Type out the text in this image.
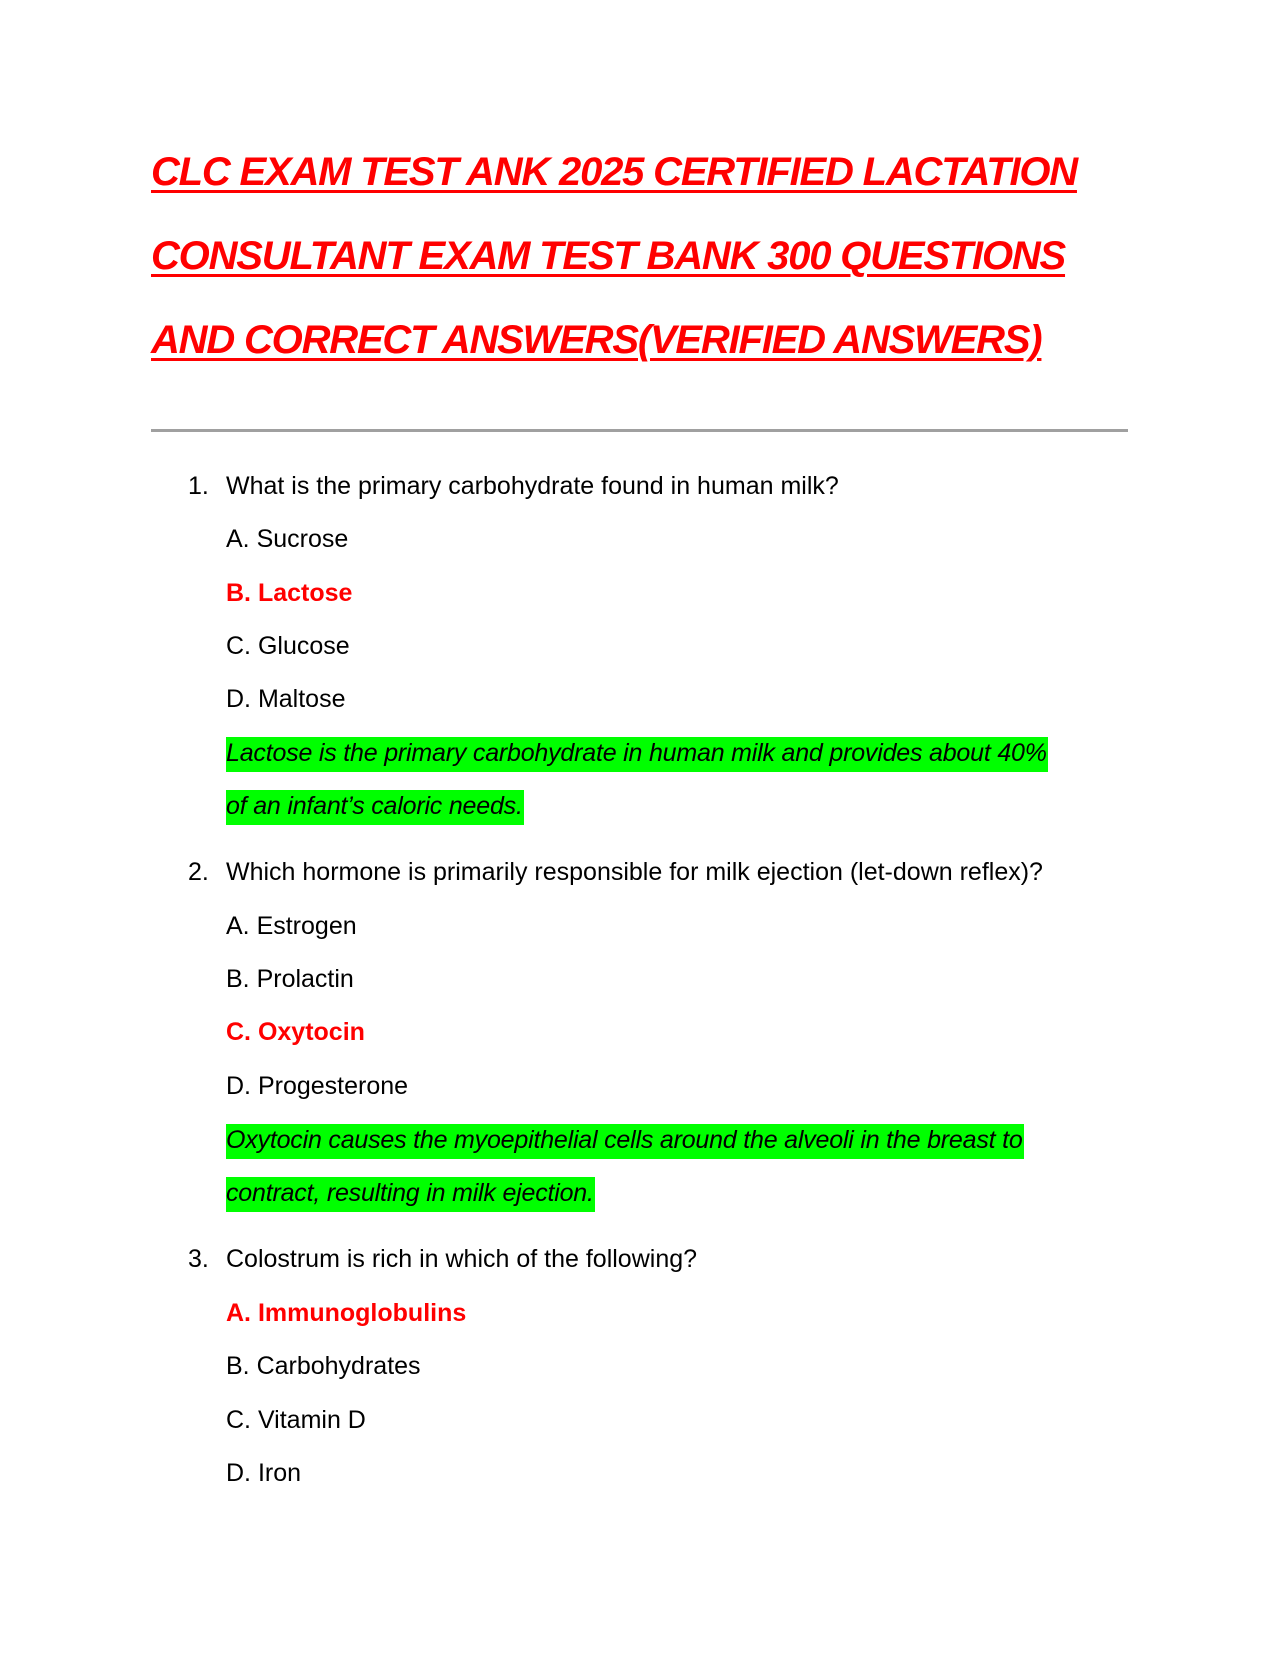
CLC EXAM TEST ANK 2025 CERTIFIED LACTATION
CONSULTANT EXAM TEST BANK 300 QUESTIONS
AND CORRECT ANSWERS(VERIFIED ANSWERS)
1. What is the primary carbohydrate found in human milk?
A. Sucrose
B. Lactose
C. Glucose
D. Maltose
Lactose is the primary carbohydrate in human milk and provides about 40%
of an infant’s caloric needs.
2. Which hormone is primarily responsible for milk ejection (let-down reflex)?
A. Estrogen
B. Prolactin
C. Oxytocin
D. Progesterone
Oxytocin causes the myoepithelial cells around the alveoli in the breast to
contract, resulting in milk ejection.
3. Colostrum is rich in which of the following?
A. Immunoglobulins
B. Carbohydrates
C. Vitamin D
D. Iron
